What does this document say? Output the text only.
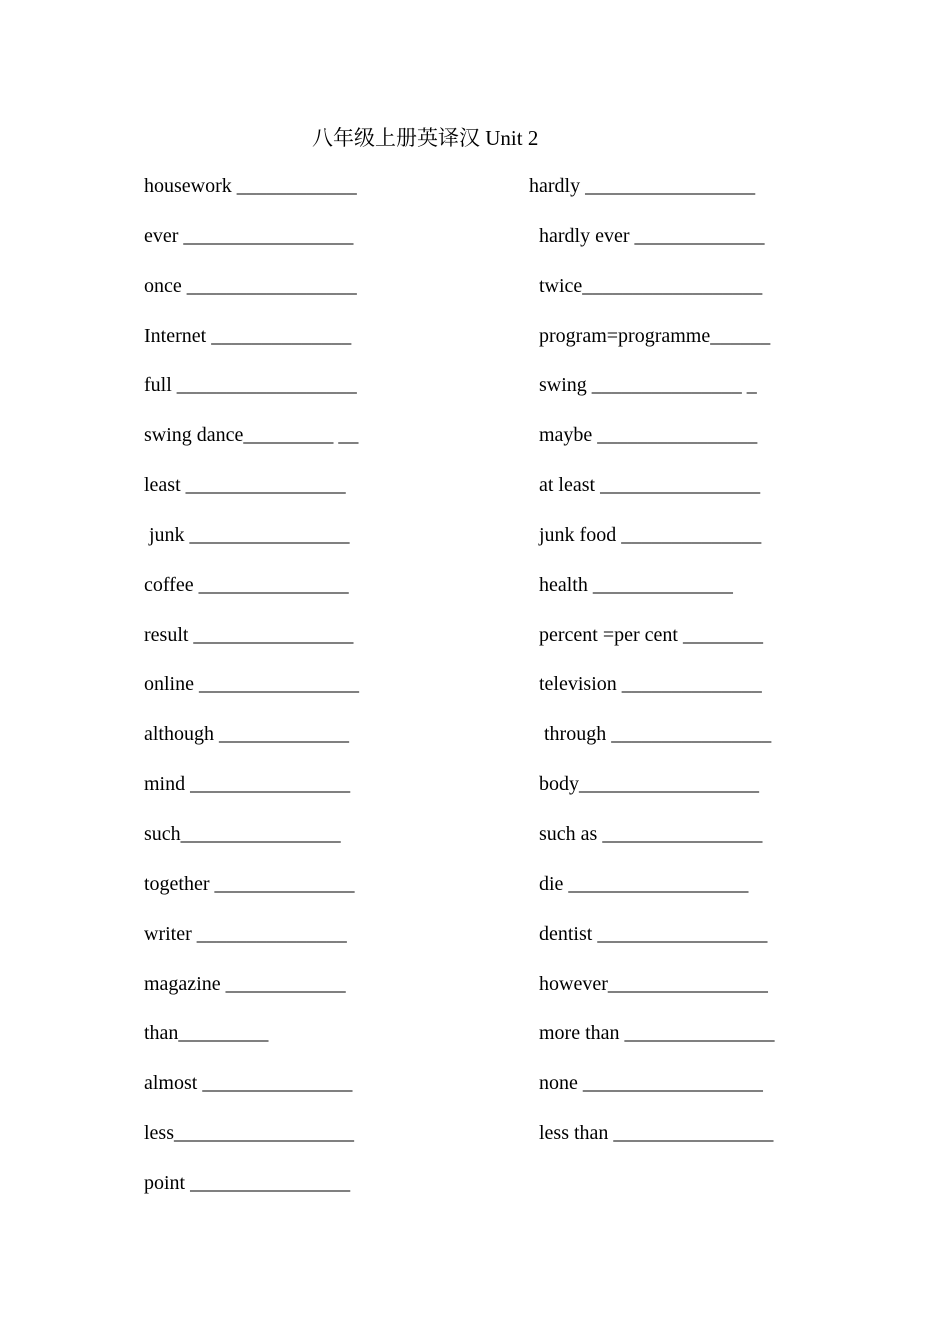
八年级上册英译汉 Unit 2
housework ____________
ever _________________
once _________________
Internet ______________
full __________________
swing dance_________ __
least ________________
junk ________________
coffee _______________
result ________________
online ________________
although _____________
mind ________________
such________________
together ______________
writer _______________
magazine ____________
than_________
almost _______________
less__________________
point ________________
hardly _________________
hardly ever _____________
twice__________________
program=programme______
swing _______________ _
maybe ________________
at least ________________
junk food ______________
health ______________
percent =per cent ________
television ______________
through ________________
body__________________
such as ________________
die __________________
dentist _________________
however________________
more than _______________
none __________________
less than ________________
